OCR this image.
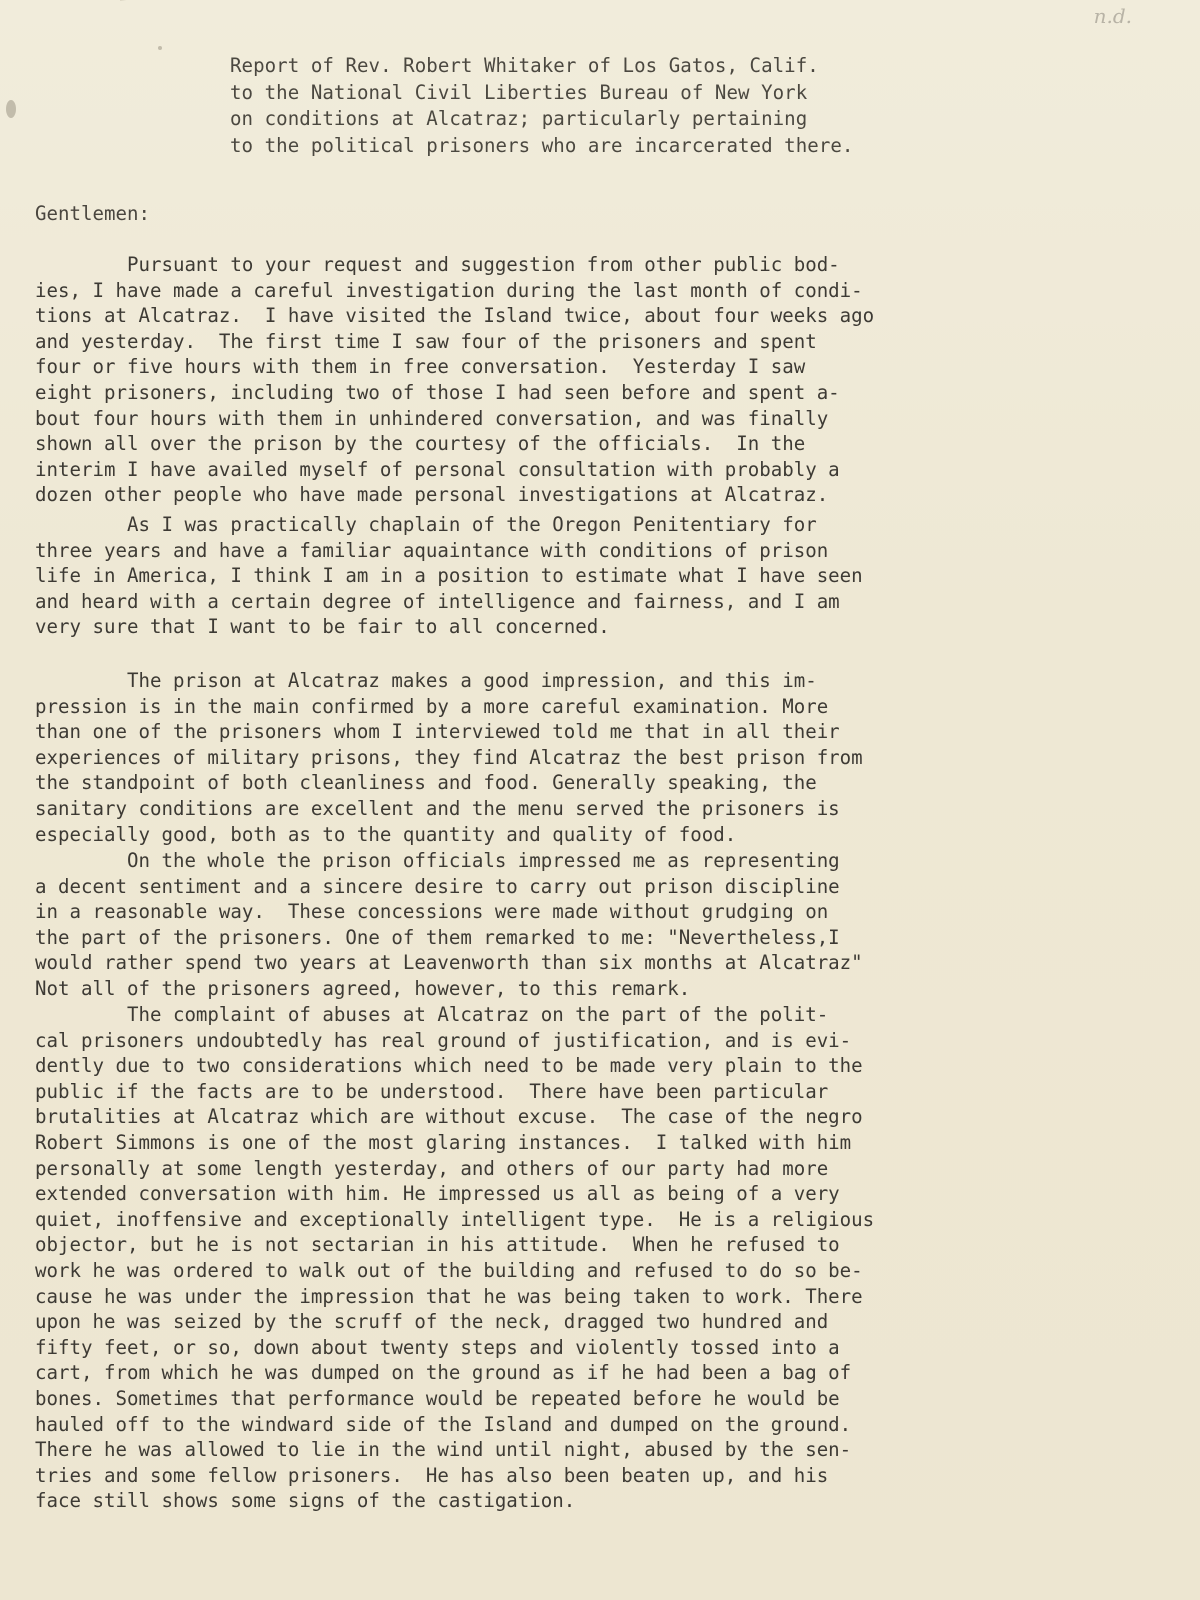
n.d.

Report of Rev. Robert Whitaker of Los Gatos, Calif.
to the National Civil Liberties Bureau of New York
on conditions at Alcatraz; particularly pertaining
to the political prisoners who are incarcerated there.

Gentlemen:

Pursuant to your request and suggestion from other public bod-
ies, I have made a careful investigation during the last month of condi-
tions at Alcatraz.  I have visited the Island twice, about four weeks ago
and yesterday.  The first time I saw four of the prisoners and spent
four or five hours with them in free conversation.  Yesterday I saw
eight prisoners, including two of those I had seen before and spent a-
bout four hours with them in unhindered conversation, and was finally
shown all over the prison by the courtesy of the officials.  In the
interim I have availed myself of personal consultation with probably a
dozen other people who have made personal investigations at Alcatraz.

As I was practically chaplain of the Oregon Penitentiary for
three years and have a familiar aquaintance with conditions of prison
life in America, I think I am in a position to estimate what I have seen
and heard with a certain degree of intelligence and fairness, and I am
very sure that I want to be fair to all concerned.

The prison at Alcatraz makes a good impression, and this im-
pression is in the main confirmed by a more careful examination. More
than one of the prisoners whom I interviewed told me that in all their
experiences of military prisons, they find Alcatraz the best prison from
the standpoint of both cleanliness and food. Generally speaking, the
sanitary conditions are excellent and the menu served the prisoners is
especially good, both as to the quantity and quality of food.

On the whole the prison officials impressed me as representing
a decent sentiment and a sincere desire to carry out prison discipline
in a reasonable way.  These concessions were made without grudging on
the part of the prisoners. One of them remarked to me: "Nevertheless,I
would rather spend two years at Leavenworth than six months at Alcatraz"
Not all of the prisoners agreed, however, to this remark.

The complaint of abuses at Alcatraz on the part of the polit-
cal prisoners undoubtedly has real ground of justification, and is evi-
dently due to two considerations which need to be made very plain to the
public if the facts are to be understood.  There have been particular
brutalities at Alcatraz which are without excuse.  The case of the negro
Robert Simmons is one of the most glaring instances.  I talked with him
personally at some length yesterday, and others of our party had more
extended conversation with him. He impressed us all as being of a very
quiet, inoffensive and exceptionally intelligent type.  He is a religious
objector, but he is not sectarian in his attitude.  When he refused to
work he was ordered to walk out of the building and refused to do so be-
cause he was under the impression that he was being taken to work. There
upon he was seized by the scruff of the neck, dragged two hundred and
fifty feet, or so, down about twenty steps and violently tossed into a
cart, from which he was dumped on the ground as if he had been a bag of
bones. Sometimes that performance would be repeated before he would be
hauled off to the windward side of the Island and dumped on the ground.
There he was allowed to lie in the wind until night, abused by the sen-
tries and some fellow prisoners.  He has also been beaten up, and his
face still shows some signs of the castigation.
